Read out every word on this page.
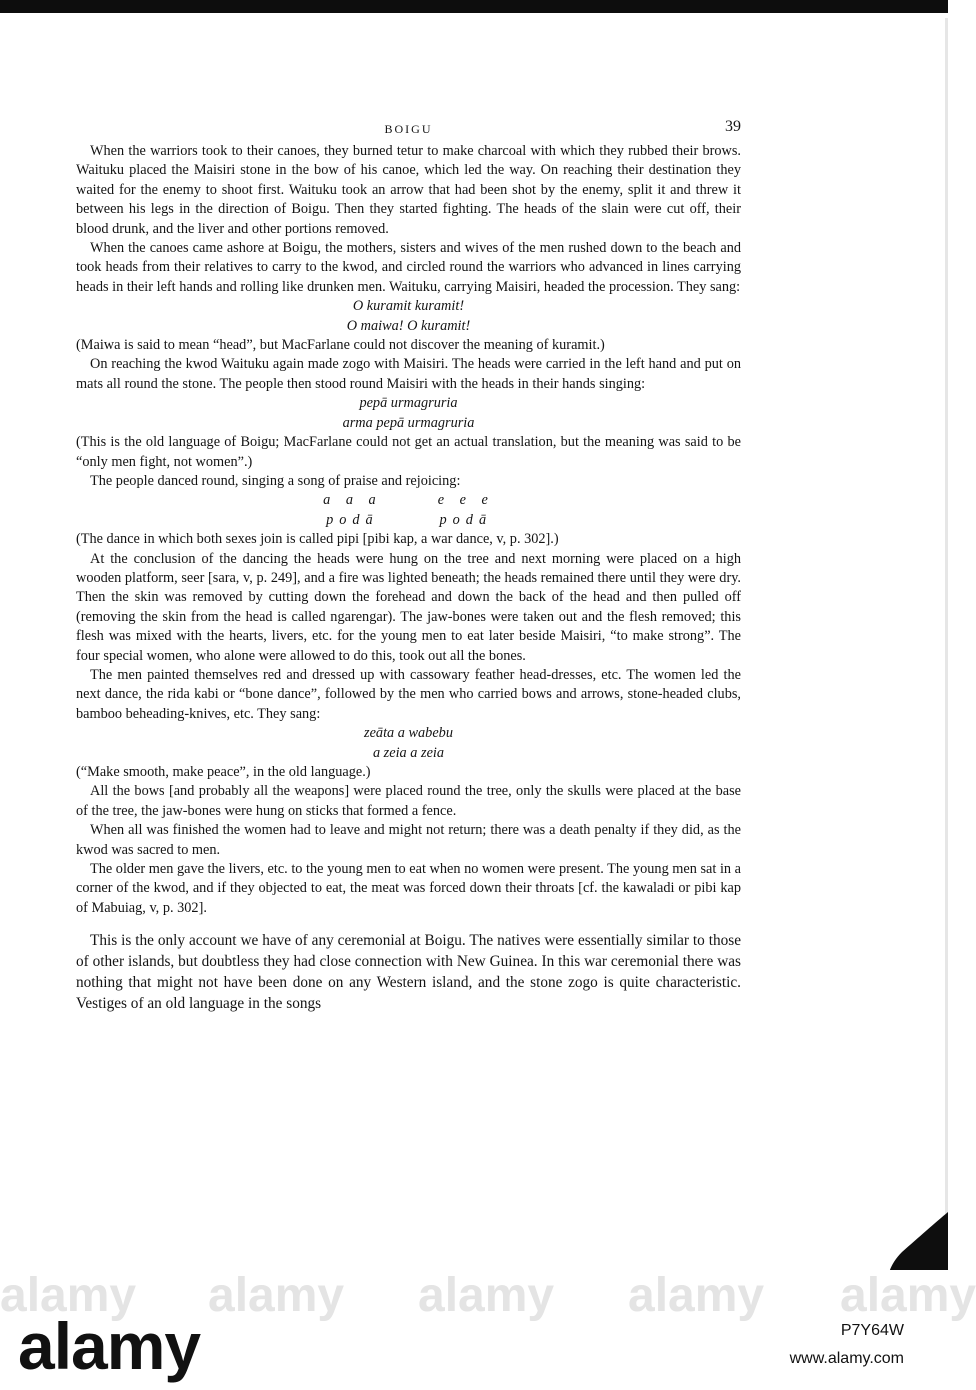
BOIGU	39

When the warriors took to their canoes, they burned tetur to make charcoal with which they rubbed their brows. Waituku placed the Maisiri stone in the bow of his canoe, which led the way. On reaching their destination they waited for the enemy to shoot first. Waituku took an arrow that had been shot by the enemy, split it and threw it between his legs in the direction of Boigu. Then they started fighting. The heads of the slain were cut off, their blood drunk, and the liver and other portions removed.

When the canoes came ashore at Boigu, the mothers, sisters and wives of the men rushed down to the beach and took heads from their relatives to carry to the kwod, and circled round the warriors who advanced in lines carrying heads in their left hands and rolling like drunken men. Waituku, carrying Maisiri, headed the procession. They sang:

O kuramit kuramit!
O maiwa! O kuramit!

(Maiwa is said to mean “head”, but MacFarlane could not discover the meaning of kuramit.)

On reaching the kwod Waituku again made zogo with Maisiri. The heads were carried in the left hand and put on mats all round the stone. The people then stood round Maisiri with the heads in their hands singing:

pepā urmagruria
arma pepā urmagruria

(This is the old language of Boigu; MacFarlane could not get an actual translation, but the meaning was said to be “only men fight, not women”.)

The people danced round, singing a song of praise and rejoicing:

a a a
podā
e e e
podā

(The dance in which both sexes join is called pipi [pibi kap, a war dance, v, p. 302].)

At the conclusion of the dancing the heads were hung on the tree and next morning were placed on a high wooden platform, seer [sara, v, p. 249], and a fire was lighted beneath; the heads remained there until they were dry. Then the skin was removed by cutting down the forehead and down the back of the head and then pulled off (removing the skin from the head is called ngarengar). The jaw-bones were taken out and the flesh removed; this flesh was mixed with the hearts, livers, etc. for the young men to eat later beside Maisiri, “to make strong”. The four special women, who alone were allowed to do this, took out all the bones.

The men painted themselves red and dressed up with cassowary feather head-dresses, etc. The women led the next dance, the rida kabi or “bone dance”, followed by the men who carried bows and arrows, stone-headed clubs, bamboo beheading-knives, etc. They sang:

zeāta a wabebu
a zeia a zeia

(“Make smooth, make peace”, in the old language.)

All the bows [and probably all the weapons] were placed round the tree, only the skulls were placed at the base of the tree, the jaw-bones were hung on sticks that formed a fence.

When all was finished the women had to leave and might not return; there was a death penalty if they did, as the kwod was sacred to men.

The older men gave the livers, etc. to the young men to eat when no women were present. The young men sat in a corner of the kwod, and if they objected to eat, the meat was forced down their throats [cf. the kawaladi or pibi kap of Mabuiag, v, p. 302].

This is the only account we have of any ceremonial at Boigu. The natives were essentially similar to those of other islands, but doubtless they had close connection with New Guinea. In this war ceremonial there was nothing that might not have been done on any Western island, and the stone zogo is quite characteristic. Vestiges of an old language in the songs

alamy alamy alamy alamy alamy
alamy	P7Y64W
www.alamy.com
